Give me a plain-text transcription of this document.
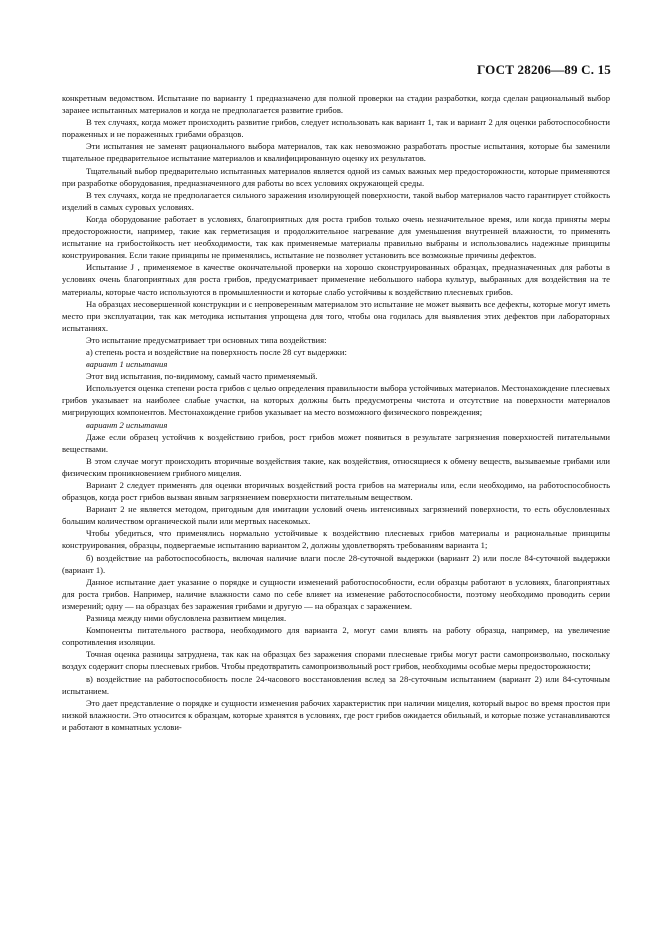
ГОСТ 28206—89 С. 15

конкретным ведомством. Испытание по варианту 1 предназначено для полной проверки на стадии разработки, когда сделан рациональный выбор заранее испытанных материалов и когда не предполагается развитие грибов.

В тех случаях, когда может происходить развитие грибов, следует использовать как вариант 1, так и вариант 2 для оценки работоспособности пораженных и не пораженных грибами образцов.

Эти испытания не заменят рационального выбора материалов, так как невозможно разработать простые испытания, которые бы заменили тщательное предварительное испытание материалов и квалифицированную оценку их результатов.

Тщательный выбор предварительно испытанных материалов является одной из самых важных мер предосторожности, которые применяются при разработке оборудования, предназначенного для работы во всех условиях окружающей среды.

В тех случаях, когда не предполагается сильного заражения изолирующей поверхности, такой выбор материалов часто гарантирует стойкость изделий в самых суровых условиях.

Когда оборудование работает в условиях, благоприятных для роста грибов только очень незначительное время, или когда приняты меры предосторожности, например, такие как герметизация и продолжительное нагревание для уменьшения внутренней влажности, то применять испытание на грибостойкость нет необходимости, так как применяемые материалы правильно выбраны и использовались надежные принципы конструирования. Если такие принципы не применялись, испытание не позволяет установить все возможные причины дефектов.

Испытание J , применяемое в качестве окончательной проверки на хорошо сконструированных образцах, предназначенных для работы в условиях очень благоприятных для роста грибов, предусматривает применение небольшого набора культур, выбранных для воздействия на те материалы, которые часто используются в промышленности и которые слабо устойчивы к воздействию плесневых грибов.

На образцах несовершенной конструкции и с непроверенным материалом это испытание не может выявить все дефекты, которые могут иметь место при эксплуатации, так как методика испытания упрощена для того, чтобы она годилась для выявления этих дефектов при лабораторных испытаниях.

Это испытание предусматривает три основных типа воздействия:

а) степень роста и воздействие на поверхность после 28 сут выдержки:

вариант 1 испытания

Этот вид испытания, по-видимому, самый часто применяемый.

Используется оценка степени роста грибов с целью определения правильности выбора устойчивых материалов. Местонахождение плесневых грибов указывает на наиболее слабые участки, на которых должны быть предусмотрены чистота и отсутствие на поверхности материалов мигрирующих компонентов. Местонахождение грибов указывает на место возможного физического повреждения;

вариант 2 испытания

Даже если образец устойчив к воздействию грибов, рост грибов может появиться в результате загрязнения поверхностей питательными веществами.

В этом случае могут происходить вторичные воздействия такие, как воздействия, относящиеся к обмену веществ, вызываемые грибами или физическим проникновением грибного мицелия.

Вариант 2 следует применять для оценки вторичных воздействий роста грибов на материалы или, если необходимо, на работоспособность образцов, когда рост грибов вызван явным загрязнением поверхности питательным веществом.

Вариант 2 не является методом, пригодным для имитации условий очень интенсивных загрязнений поверхности, то есть обусловленных большим количеством органической пыли или мертвых насекомых.

Чтобы убедиться, что применялись нормально устойчивые к воздействию плесневых грибов материалы и рациональные принципы конструирования, образцы, подвергаемые испытанию вариантом 2, должны удовлетворять требованиям варианта 1;

б) воздействие на работоспособность, включая наличие влаги после 28-суточной выдержки (вариант 2) или после 84-суточной выдержки (вариант 1).

Данное испытание дает указание о порядке и сущности изменений работоспособности, если образцы работают в условиях, благоприятных для роста грибов. Например, наличие влажности само по себе влияет на изменение работоспособности, поэтому необходимо проводить серии измерений; одну — на образцах без заражения грибами и другую — на образцах с заражением.

Разница между ними обусловлена развитием мицелия.

Компоненты питательного раствора, необходимого для варианта 2, могут сами влиять на работу образца, например, на увеличение сопротивления изоляции.

Точная оценка разницы затруднена, так как на образцах без заражения спорами плесневые грибы могут расти самопроизвольно, поскольку воздух содержит споры плесневых грибов. Чтобы предотвратить самопроизвольный рост грибов, необходимы особые меры предосторожности;

в) воздействие на работоспособность после 24-часового восстановления вслед за 28-суточным испытанием (вариант 2) или 84-суточным испытанием.

Это дает представление о порядке и сущности изменения рабочих характеристик при наличии мицелия, который вырос во время простоя при низкой влажности. Это относится к образцам, которые хранятся в условиях, где рост грибов ожидается обильный, и которые позже устанавливаются и работают в комнатных услови-
